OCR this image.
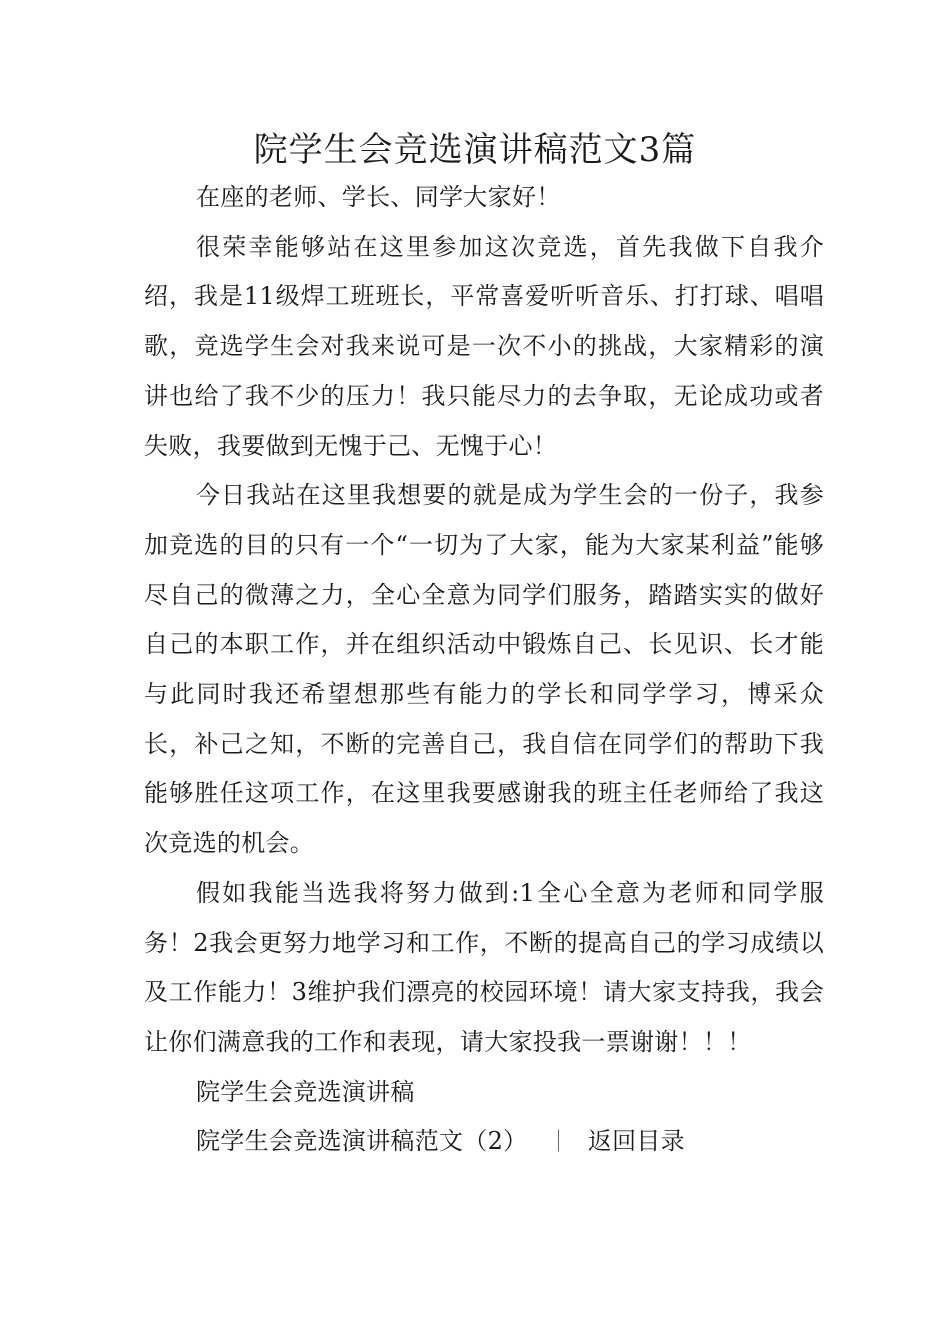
院学生会竞选演讲稿范文3篇

在座的老师、学长、同学大家好！

很荣幸能够站在这里参加这次竞选，首先我做下自我介绍，我是11级焊工班班长，平常喜爱听听音乐、打打球、唱唱歌，竞选学生会对我来说可是一次不小的挑战，大家精彩的演讲也给了我不少的压力！我只能尽力的去争取，无论成功或者失败，我要做到无愧于己、无愧于心！

今日我站在这里我想要的就是成为学生会的一份子，我参加竞选的目的只有一个“一切为了大家，能为大家某利益”能够尽自己的微薄之力，全心全意为同学们服务，踏踏实实的做好自己的本职工作，并在组织活动中锻炼自己、长见识、长才能与此同时我还希望想那些有能力的学长和同学学习，博采众长，补己之知，不断的完善自己，我自信在同学们的帮助下我能够胜任这项工作，在这里我要感谢我的班主任老师给了我这次竞选的机会。

假如我能当选我将努力做到:1全心全意为老师和同学服务！2我会更努力地学习和工作，不断的提高自己的学习成绩以及工作能力！3维护我们漂亮的校园环境！请大家支持我，我会让你们满意我的工作和表现，请大家投我一票谢谢！！！

院学生会竞选演讲稿

院学生会竞选演讲稿范文（2） ｜ 返回目录
